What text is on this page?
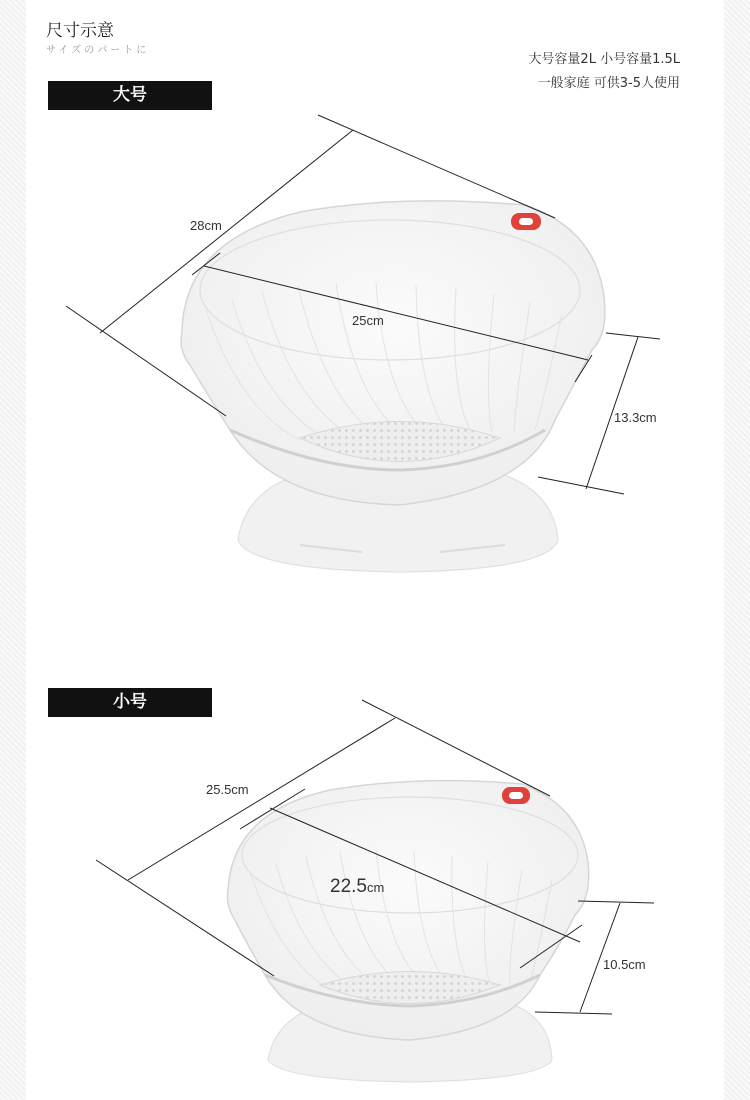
尺寸示意
サイズのパートに
大号容量2L 小号容量1.5L
一般家庭 可供3-5人使用
大号
小号
28cm
25cm
13.3cm
25.5cm
22.5cm
10.5cm
